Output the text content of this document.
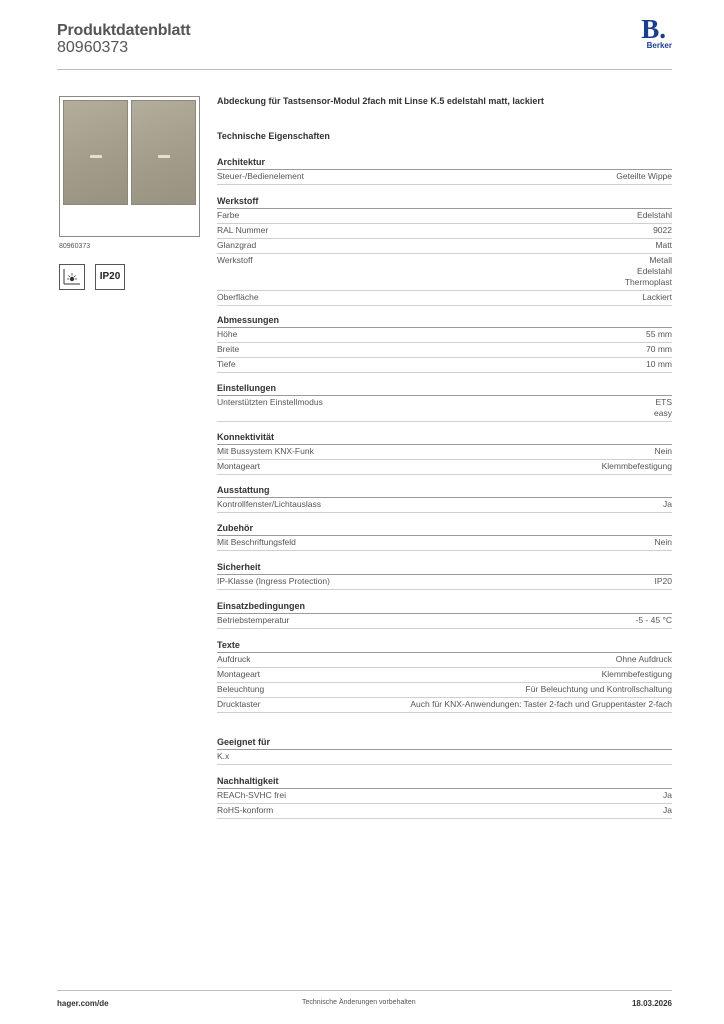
Produktdatenblatt
80960373
B.
Berker
80960373
IP20
Abdeckung für Tastsensor-Modul 2fach mit Linse K.5 edelstahl matt, lackiert
Technische Eigenschaften
Architektur
Steuer-/Bedienelement	Geteilte Wippe
Werkstoff
Farbe	Edelstahl
RAL Nummer	9022
Glanzgrad	Matt
Werkstoff	Metall
Edelstahl
Thermoplast
Oberfläche	Lackiert
Abmessungen
Höhe	55 mm
Breite	70 mm
Tiefe	10 mm
Einstellungen
Unterstützten Einstellmodus	ETS
easy
Konnektivität
Mit Bussystem KNX-Funk	Nein
Montageart	Klemmbefestigung
Ausstattung
Kontrollfenster/Lichtauslass	Ja
Zubehör
Mit Beschriftungsfeld	Nein
Sicherheit
IP-Klasse (Ingress Protection)	IP20
Einsatzbedingungen
Betriebstemperatur	-5 - 45 °C
Texte
Aufdruck	Ohne Aufdruck
Montageart	Klemmbefestigung
Beleuchtung	Für Beleuchtung und Kontrollschaltung
Drucktaster	Auch für KNX-Anwendungen: Taster 2-fach und Gruppentaster 2-fach
Geeignet für
K.x
Nachhaltigkeit
REACh-SVHC frei	Ja
RoHS-konform	Ja
hager.com/de	Technische Änderungen vorbehalten	18.03.2026
